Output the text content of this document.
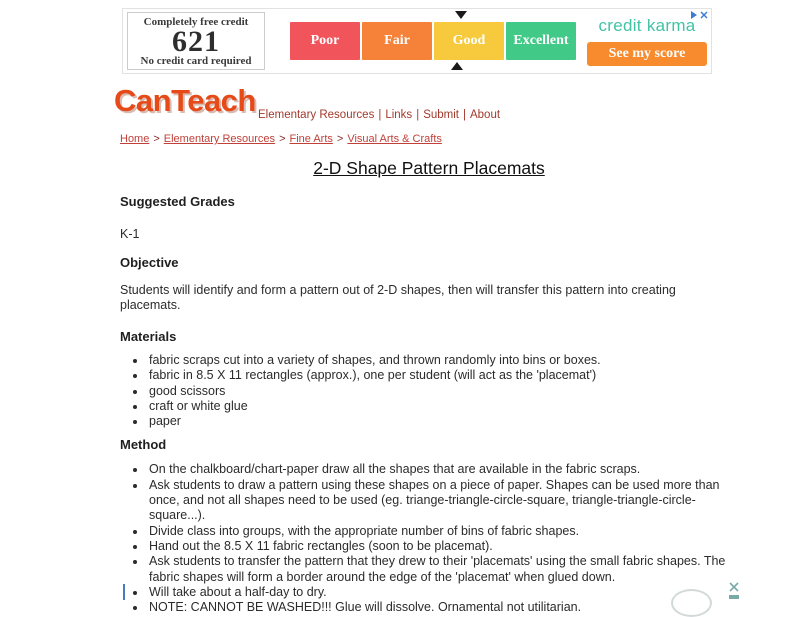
Completely free credit
621
No credit card required
Poor	Fair	Good	Excellent
credit karma
See my score
CanTeach Elementary Resources | Links | Submit | About
Home > Elementary Resources > Fine Arts > Visual Arts & Crafts
2-D Shape Pattern Placemats
Suggested Grades

K-1

Objective

Students will identify and form a pattern out of 2-D shapes, then will transfer this pattern into creating placemats.

Materials
• fabric scraps cut into a variety of shapes, and thrown randomly into bins or boxes.
• fabric in 8.5 X 11 rectangles (approx.), one per student (will act as the 'placemat')
• good scissors
• craft or white glue
• paper
Method
• On the chalkboard/chart-paper draw all the shapes that are available in the fabric scraps.
• Ask students to draw a pattern using these shapes on a piece of paper. Shapes can be used more than once, and not all shapes need to be used (eg. triange-triangle-circle-square, triangle-triangle-circle-square...).
• Divide class into groups, with the appropriate number of bins of fabric shapes.
• Hand out the 8.5 X 11 fabric rectangles (soon to be placemat).
• Ask students to transfer the pattern that they drew to their 'placemats' using the small fabric shapes. The fabric shapes will form a border around the edge of the 'placemat' when glued down.
• Will take about a half-day to dry.
• NOTE: CANNOT BE WASHED!!! Glue will dissolve. Ornamental not utilitarian.
